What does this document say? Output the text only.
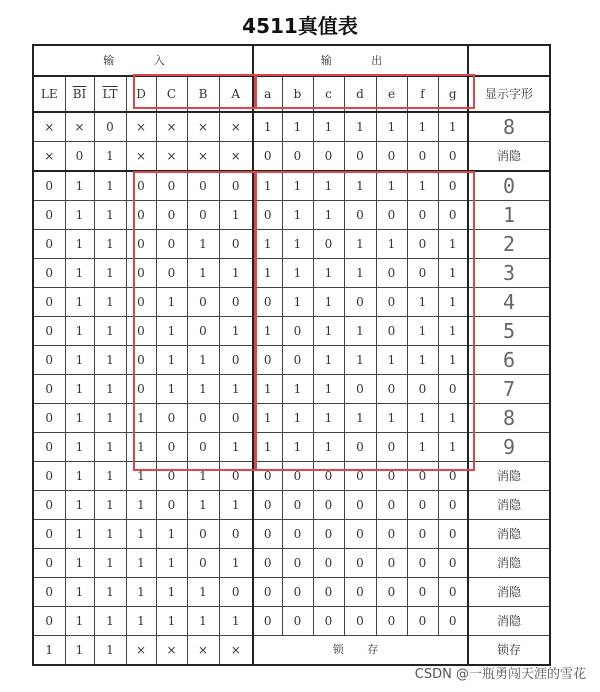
4511真值表
输 入							输 出							
LE	$\overline{BI}$	$\overline{LT}$	D	C	B	A	a	b	c	d	e	f	g	显示字形
×	×	0	×	×	×	×	1	1	1	1	1	1	1	8
×	0	1	×	×	×	×	0	0	0	0	0	0	0	消隐
0	1	1	0	0	0	0	1	1	1	1	1	1	0	0
0	1	1	0	0	0	1	0	1	1	0	0	0	0	1
0	1	1	0	0	1	0	1	1	0	1	1	0	1	2
0	1	1	0	0	1	1	1	1	1	1	0	0	1	3
0	1	1	0	1	0	0	0	1	1	0	0	1	1	4
0	1	1	0	1	0	1	1	0	1	1	0	1	1	5
0	1	1	0	1	1	0	0	0	1	1	1	1	1	6
0	1	1	0	1	1	1	1	1	1	0	0	0	0	7
0	1	1	1	0	0	0	1	1	1	1	1	1	1	8
0	1	1	1	0	0	1	1	1	1	0	0	1	1	9
0	1	1	1	0	1	0	0	0	0	0	0	0	0	消隐
0	1	1	1	0	1	1	0	0	0	0	0	0	0	消隐
0	1	1	1	1	0	0	0	0	0	0	0	0	0	消隐
0	1	1	1	1	0	1	0	0	0	0	0	0	0	消隐
0	1	1	1	1	1	0	0	0	0	0	0	0	0	消隐
0	1	1	1	1	1	1	0	0	0	0	0	0	0	消隐
1	1	1	×	×	×	×	锁 存							锁存
CSDN @一瓶勇闯天涯的雪花
